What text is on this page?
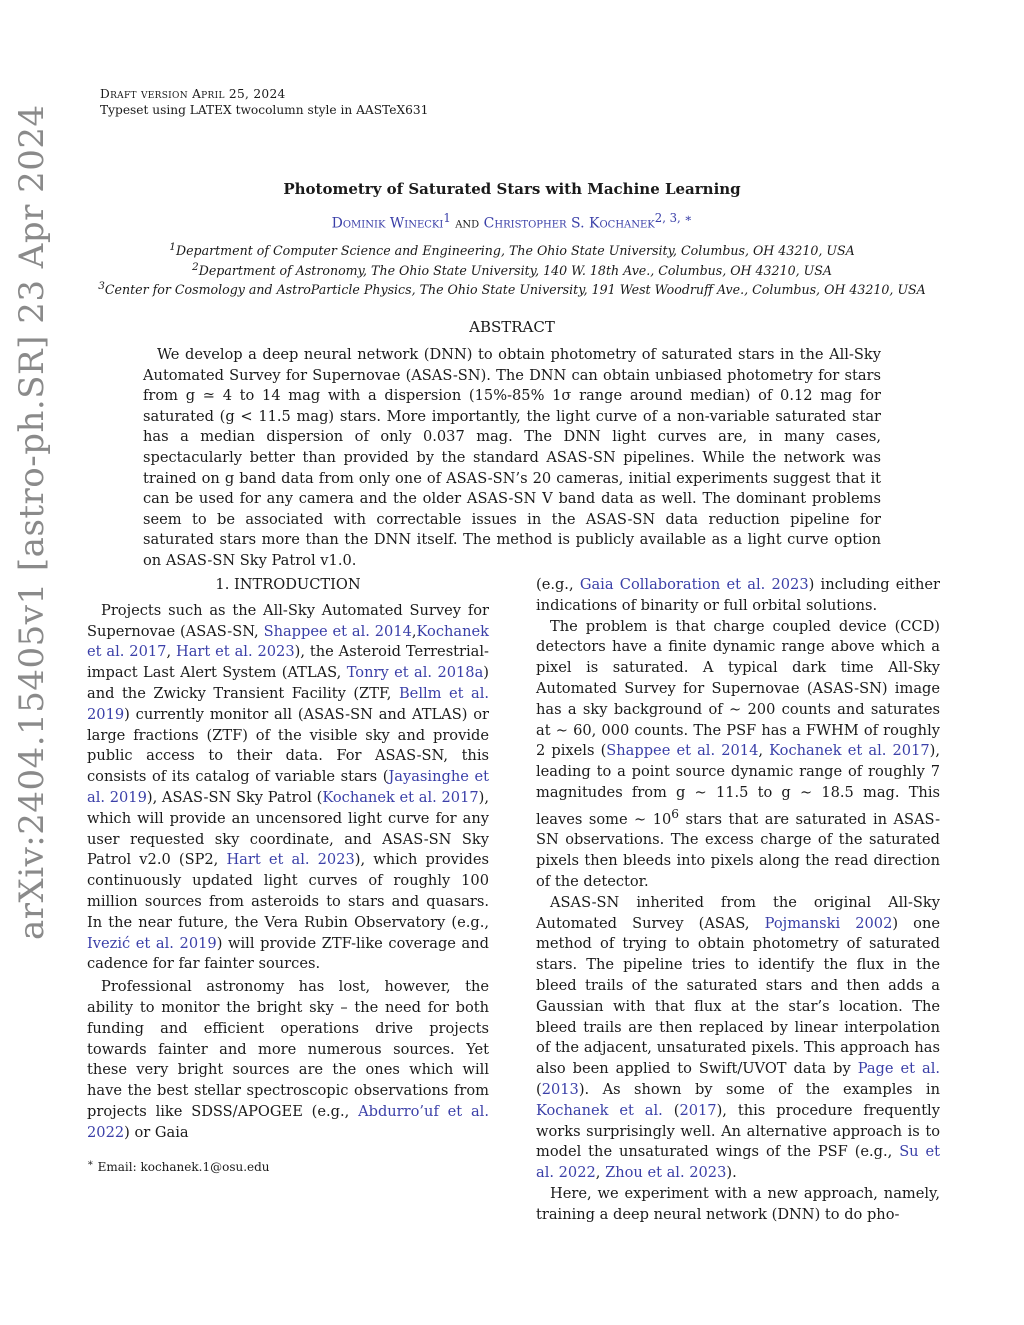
arXiv:2404.15405v1 [astro-ph.SR] 23 Apr 2024
Draft version April 25, 2024
Typeset using LATEX twocolumn style in AASTeX631
Photometry of Saturated Stars with Machine Learning
Dominik Winecki$^1$ and Christopher S. Kochanek$^{2, 3, ∗}$
$^1$Department of Computer Science and Engineering, The Ohio State University, Columbus, OH 43210, USA
$^2$Department of Astronomy, The Ohio State University, 140 W. 18th Ave., Columbus, OH 43210, USA
$^3$Center for Cosmology and AstroParticle Physics, The Ohio State University, 191 West Woodruff Ave., Columbus, OH 43210, USA
ABSTRACT
We develop a deep neural network (DNN) to obtain photometry of saturated stars in the All-Sky Automated Survey for Supernovae (ASAS-SN). The DNN can obtain unbiased photometry for stars from g ≃ 4 to 14 mag with a dispersion (15%-85% 1σ range around median) of 0.12 mag for saturated (g < 11.5 mag) stars. More importantly, the light curve of a non-variable saturated star has a median dispersion of only 0.037 mag. The DNN light curves are, in many cases, spectacularly better than provided by the standard ASAS-SN pipelines. While the network was trained on g band data from only one of ASAS-SN’s 20 cameras, initial experiments suggest that it can be used for any camera and the older ASAS-SN V band data as well. The dominant problems seem to be associated with correctable issues in the ASAS-SN data reduction pipeline for saturated stars more than the DNN itself. The method is publicly available as a light curve option on ASAS-SN Sky Patrol v1.0.
1. INTRODUCTION

Projects such as the All-Sky Automated Survey for Supernovae (ASAS-SN, Shappee et al. 2014,Kochanek et al. 2017, Hart et al. 2023), the Asteroid Terrestrial-impact Last Alert System (ATLAS, Tonry et al. 2018a) and the Zwicky Transient Facility (ZTF, Bellm et al. 2019) currently monitor all (ASAS-SN and ATLAS) or large fractions (ZTF) of the visible sky and provide public access to their data. For ASAS-SN, this consists of its catalog of variable stars (Jayasinghe et al. 2019), ASAS-SN Sky Patrol (Kochanek et al. 2017), which will provide an uncensored light curve for any user requested sky coordinate, and ASAS-SN Sky Patrol v2.0 (SP2, Hart et al. 2023), which provides continuously updated light curves of roughly 100 million sources from asteroids to stars and quasars. In the near future, the Vera Rubin Observatory (e.g., Ivezić et al. 2019) will provide ZTF-like coverage and cadence for far fainter sources.

Professional astronomy has lost, however, the ability to monitor the bright sky – the need for both funding and efficient operations drive projects towards fainter and more numerous sources. Yet these very bright sources are the ones which will have the best stellar spectroscopic observations from projects like SDSS/APOGEE (e.g., Abdurro’uf et al. 2022) or Gaia

(e.g., Gaia Collaboration et al. 2023) including either indications of binarity or full orbital solutions.

The problem is that charge coupled device (CCD) detectors have a finite dynamic range above which a pixel is saturated. A typical dark time All-Sky Automated Survey for Supernovae (ASAS-SN) image has a sky background of ∼ 200 counts and saturates at ∼ 60, 000 counts. The PSF has a FWHM of roughly 2 pixels (Shappee et al. 2014, Kochanek et al. 2017), leading to a point source dynamic range of roughly 7 magnitudes from g ∼ 11.5 to g ∼ 18.5 mag. This leaves some ∼ $10^6$ stars that are saturated in ASAS-SN observations. The excess charge of the saturated pixels then bleeds into pixels along the read direction of the detector.

ASAS-SN inherited from the original All-Sky Automated Survey (ASAS, Pojmanski 2002) one method of trying to obtain photometry of saturated stars. The pipeline tries to identify the flux in the bleed trails of the saturated stars and then adds a Gaussian with that flux at the star’s location. The bleed trails are then replaced by linear interpolation of the adjacent, unsaturated pixels. This approach has also been applied to Swift/UVOT data by Page et al. (2013). As shown by some of the examples in Kochanek et al. (2017), this procedure frequently works surprisingly well. An alternative approach is to model the unsaturated wings of the PSF (e.g., Su et al. 2022, Zhou et al. 2023).

Here, we experiment with a new approach, namely, training a deep neural network (DNN) to do pho-

∗ Email: kochanek.1@osu.edu
